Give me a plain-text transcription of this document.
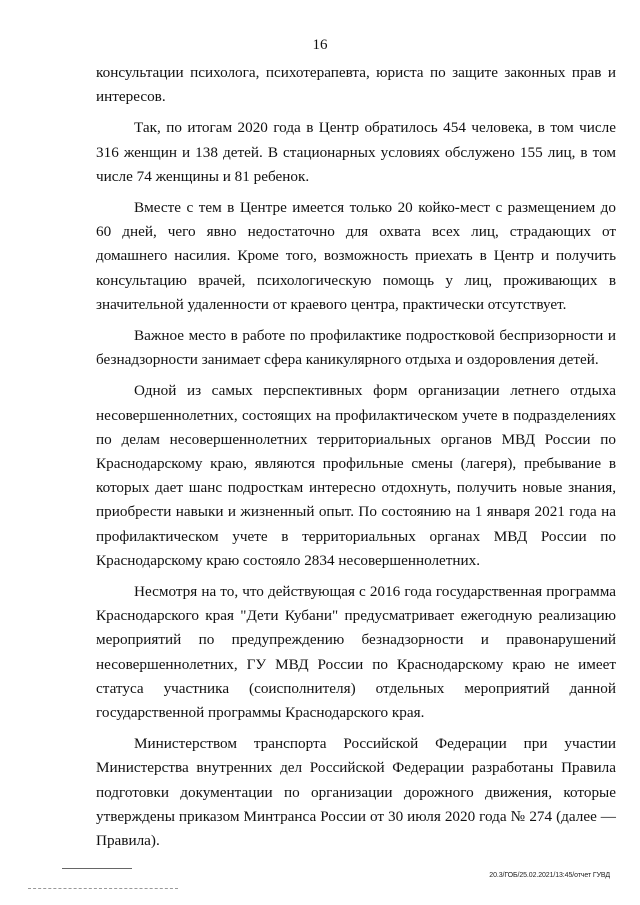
16

консультации психолога, психотерапевта, юриста по защите законных прав и интересов.

Так, по итогам 2020 года в Центр обратилось 454 человека, в том числе 316 женщин и 138 детей. В стационарных условиях обслужено 155 лиц, в том числе 74 женщины и 81 ребенок.

Вместе с тем в Центре имеется только 20 койко-мест с размещением до 60 дней, чего явно недостаточно для охвата всех лиц, страдающих от домашнего насилия. Кроме того, возможность приехать в Центр и получить консультацию врачей, психологическую помощь у лиц, проживающих в значительной удаленности от краевого центра, практически отсутствует.

Важное место в работе по профилактике подростковой беспризорности и безнадзорности занимает сфера каникулярного отдыха и оздоровления детей.

Одной из самых перспективных форм организации летнего отдыха несовершеннолетних, состоящих на профилактическом учете в подразделениях по делам несовершеннолетних территориальных органов МВД России по Краснодарскому краю, являются профильные смены (лагеря), пребывание в которых дает шанс подросткам интересно отдохнуть, получить новые знания, приобрести навыки и жизненный опыт. По состоянию на 1 января 2021 года на профилактическом учете в территориальных органах МВД России по Краснодарскому краю состояло 2834 несовершеннолетних.

Несмотря на то, что действующая с 2016 года государственная программа Краснодарского края "Дети Кубани" предусматривает ежегодную реализацию мероприятий по предупреждению безнадзорности и правонарушений несовершеннолетних, ГУ МВД России по Краснодарскому краю не имеет статуса участника (соисполнителя) отдельных мероприятий данной государственной программы Краснодарского края.

Министерством транспорта Российской Федерации при участии Министерства внутренних дел Российской Федерации разработаны Правила подготовки документации по организации дорожного движения, которые утверждены приказом Минтранса России от 30 июля 2020 года № 274 (далее — Правила).

20.3/ГОБ/25.02.2021/13:45/отчет ГУВД
